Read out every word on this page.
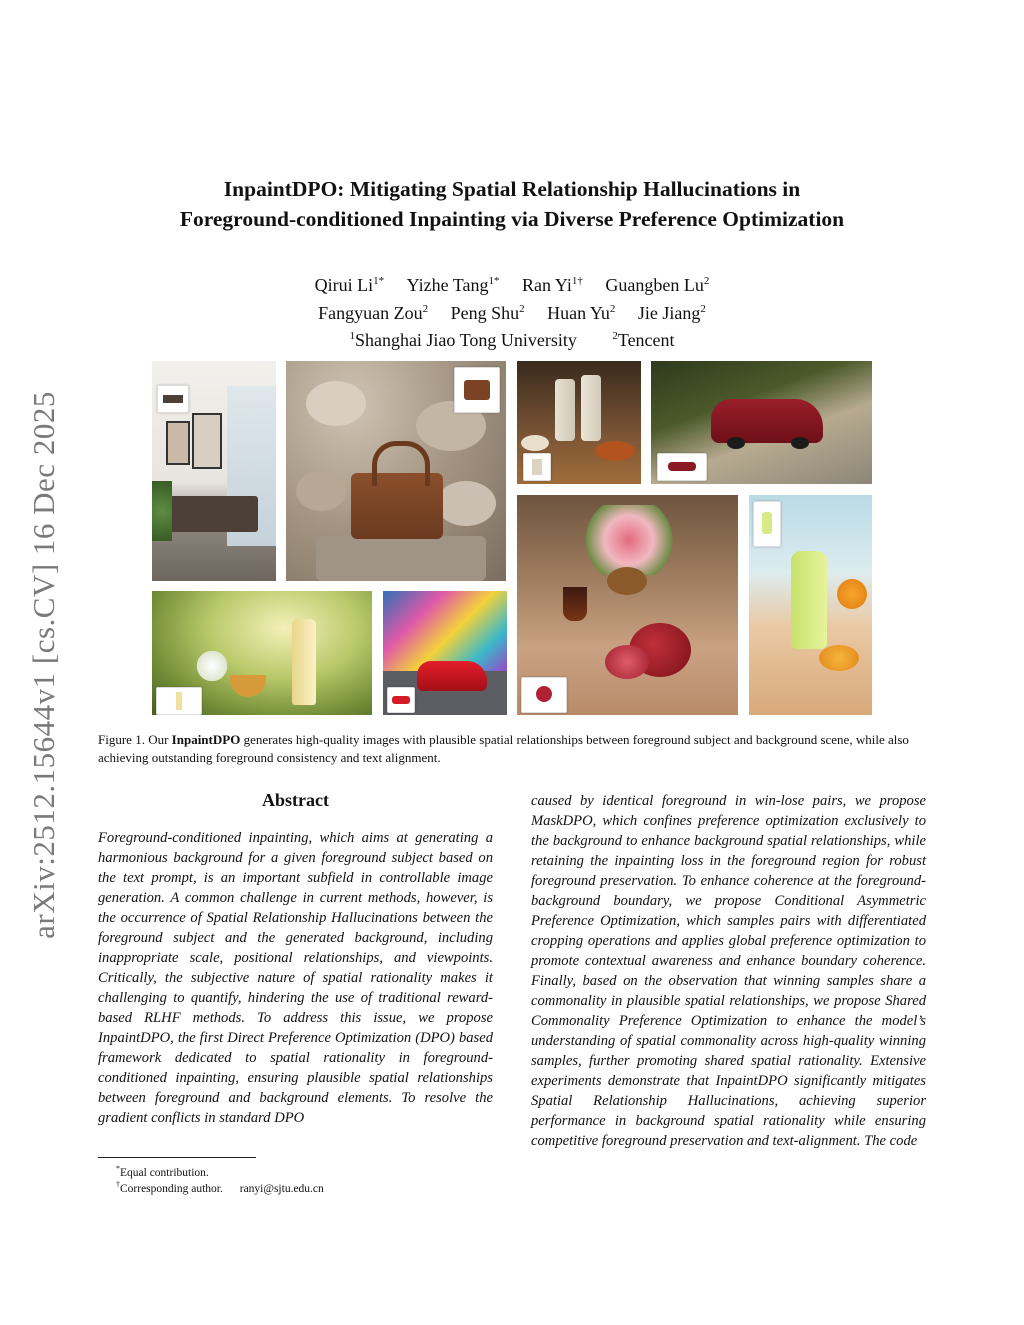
arXiv:2512.15644v1 [cs.CV] 16 Dec 2025
InpaintDPO: Mitigating Spatial Relationship Hallucinations in
Foreground-conditioned Inpainting via Diverse Preference Optimization
Qirui $Li^{1*}$ Yizhe Tang$^{1*}$ Ran $Yi^{1\dagger}$ Guangben Lu$^2$
Fangyuan Zou$^2$ Peng Shu$^2$ Huan Yu$^2$ Jie Jiang$^2$
$^1$Shanghai Jiao Tong University	$^2$Tencent
Figure 1. Our InpaintDPO generates high-quality images with plausible spatial relationships between foreground subject and background scene, while also achieving outstanding foreground consistency and text alignment.
Abstract
Foreground-conditioned inpainting, which aims at generating a harmonious background for a given foreground subject based on the text prompt, is an important subfield in controllable image generation. A common challenge in current methods, however, is the occurrence of Spatial Relationship Hallucinations between the foreground subject and the generated background, including inappropriate scale, positional relationships, and viewpoints. Critically, the subjective nature of spatial rationality makes it challenging to quantify, hindering the use of traditional reward-based RLHF methods. To address this issue, we propose InpaintDPO, the first Direct Preference Optimization (DPO) based framework dedicated to spatial rationality in foreground-conditioned inpainting, ensuring plausible spatial relationships between foreground and background elements. To resolve the gradient conflicts in standard DPO
caused by identical foreground in win-lose pairs, we propose MaskDPO, which confines preference optimization exclusively to the background to enhance background spatial relationships, while retaining the inpainting loss in the foreground region for robust foreground preservation. To enhance coherence at the foreground-background boundary, we propose Conditional Asymmetric Preference Optimization, which samples pairs with differentiated cropping operations and applies global preference optimization to promote contextual awareness and enhance boundary coherence. Finally, based on the observation that winning samples share a commonality in plausible spatial relationships, we propose Shared Commonality Preference Optimization to enhance the model’s understanding of spatial commonality across high-quality winning samples, further promoting shared spatial rationality. Extensive experiments demonstrate that InpaintDPO significantly mitigates Spatial Relationship Hallucinations, achieving superior performance in background spatial rationality while ensuring competitive foreground preservation and text-alignment. The code
*Equal contribution.
†Corresponding author. ranyi@sjtu.edu.cn
